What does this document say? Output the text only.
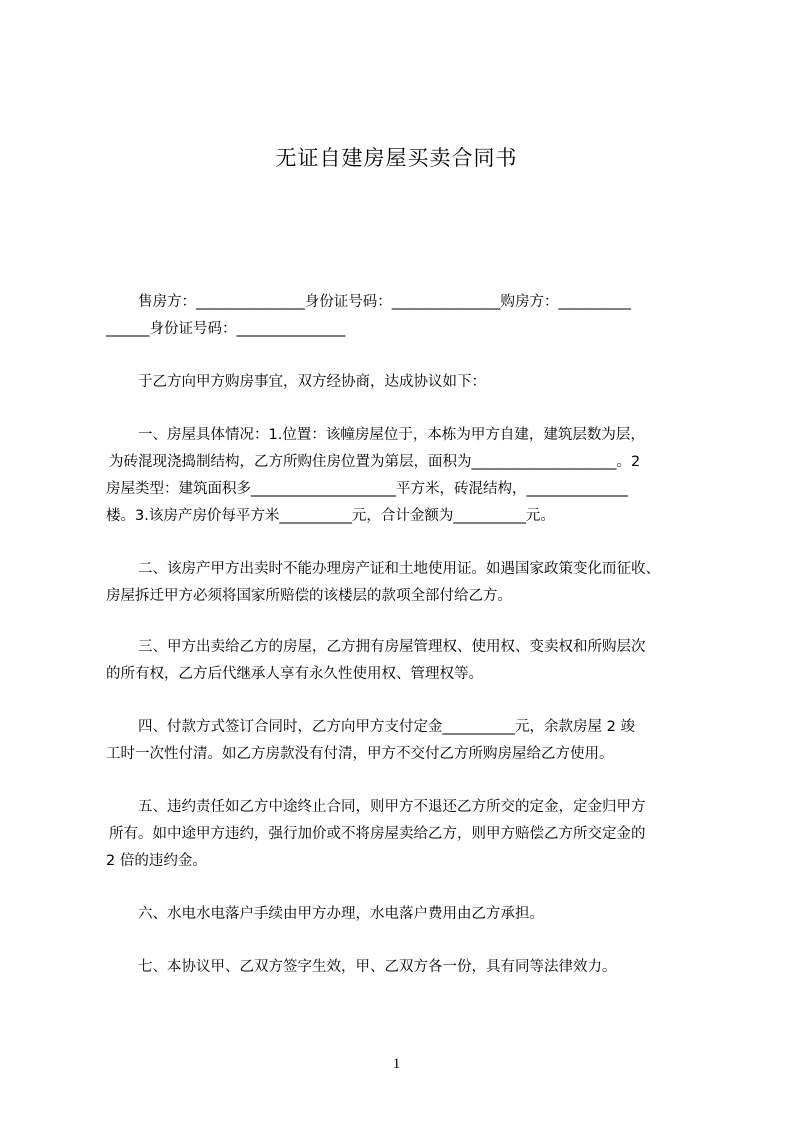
无证自建房屋买卖合同书
售房方：_______________身份证号码：_______________购房方：__________
______身份证号码：_______________
于乙方向甲方购房事宜，双方经协商，达成协议如下：
一、房屋具体情况：1.位置：该幢房屋位于，本栋为甲方自建，建筑层数为层，
为砖混现浇捣制结构，乙方所购住房位置为第层，面积为____________________。2
房屋类型：建筑面积多____________________平方米，砖混结构，______________
楼。3.该房产房价每平方米__________元，合计金额为__________元。
二、该房产甲方出卖时不能办理房产证和土地使用证。如遇国家政策变化而征收、
房屋拆迁甲方必须将国家所赔偿的该楼层的款项全部付给乙方。
三、甲方出卖给乙方的房屋，乙方拥有房屋管理权、使用权、变卖权和所购层次
的所有权，乙方后代继承人享有永久性使用权、管理权等。
四、付款方式签订合同时，乙方向甲方支付定金__________元，余款房屋 2 竣
工时一次性付清。如乙方房款没有付清，甲方不交付乙方所购房屋给乙方使用。
五、违约责任如乙方中途终止合同，则甲方不退还乙方所交的定金，定金归甲方
所有。如中途甲方违约，强行加价或不将房屋卖给乙方，则甲方赔偿乙方所交定金的
2 倍的违约金。
六、水电水电落户手续由甲方办理，水电落户费用由乙方承担。
七、本协议甲、乙双方签字生效，甲、乙双方各一份，具有同等法律效力。
1
